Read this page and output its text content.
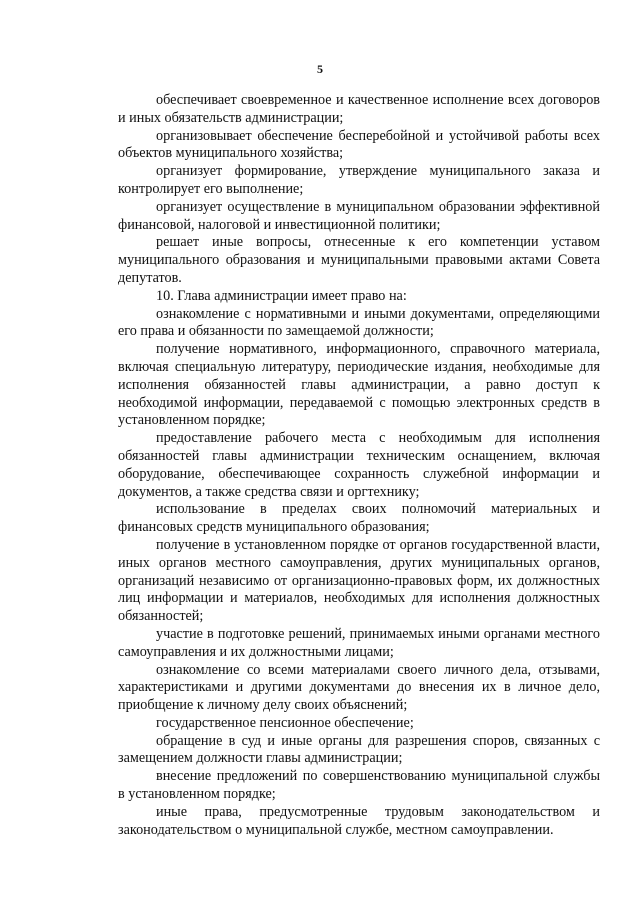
5

обеспечивает своевременное и качественное исполнение всех договоров и иных обязательств администрации;

организовывает обеспечение бесперебойной и устойчивой работы всех объектов муниципального хозяйства;

организует формирование, утверждение муниципального заказа и контролирует его выполнение;

организует осуществление в муниципальном образовании эффективной финансовой, налоговой и инвестиционной политики;

решает иные вопросы, отнесенные к его компетенции уставом муниципального образования и муниципальными правовыми актами Совета депутатов.

10. Глава администрации имеет право на:

ознакомление с нормативными и иными документами, определяющими его права и обязанности по замещаемой должности;

получение нормативного, информационного, справочного материала, включая специальную литературу, периодические издания, необходимые для исполнения обязанностей главы администрации, а равно доступ к необходимой информации, передаваемой с помощью электронных средств в установленном порядке;

предоставление рабочего места с необходимым для исполнения обязанностей главы администрации техническим оснащением, включая оборудование, обеспечивающее сохранность служебной информации и документов, а также средства связи и оргтехнику;

использование в пределах своих полномочий материальных и финансовых средств муниципального образования;

получение в установленном порядке от органов государственной власти, иных органов местного самоуправления, других муниципальных органов, организаций независимо от организационно-правовых форм, их должностных лиц информации и материалов, необходимых для исполнения должностных обязанностей;

участие в подготовке решений, принимаемых иными органами местного самоуправления и их должностными лицами;

ознакомление со всеми материалами своего личного дела, отзывами, характеристиками и другими документами до внесения их в личное дело, приобщение к личному делу своих объяснений;

государственное пенсионное обеспечение;

обращение в суд и иные органы для разрешения споров, связанных с замещением должности главы администрации;

внесение предложений по совершенствованию муниципальной службы в установленном порядке;

иные права, предусмотренные трудовым законодательством и законодательством о муниципальной службе, местном самоуправлении.
